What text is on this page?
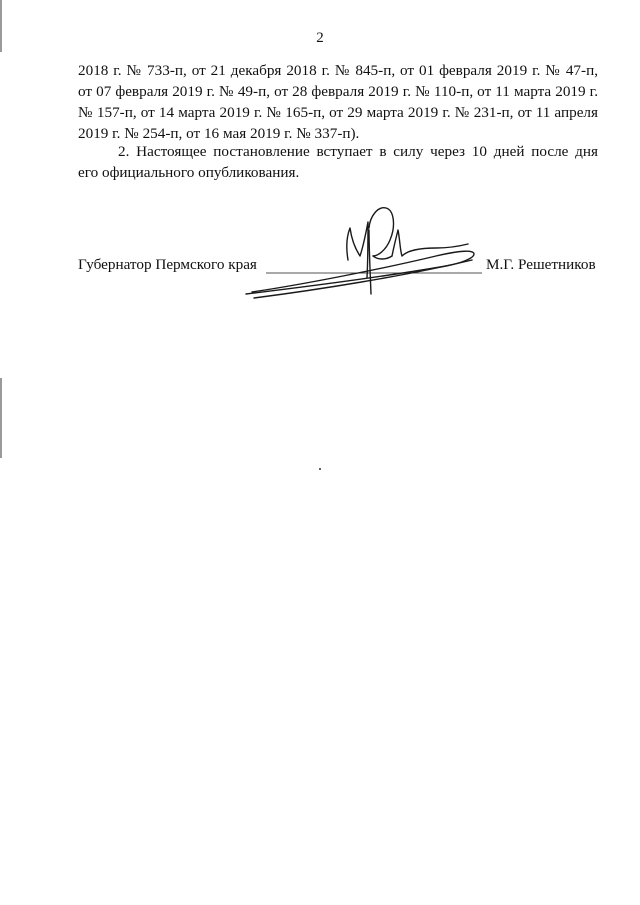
2
2018 г. № 733-п, от 21 декабря 2018 г. № 845-п, от 01 февраля 2019 г. № 47-п,
от 07 февраля 2019 г. № 49-п, от 28 февраля 2019 г. № 110-п, от 11 марта 2019 г.
№ 157-п, от 14 марта 2019 г. № 165-п, от 29 марта 2019 г. № 231-п, от 11 апреля
2019 г. № 254-п, от 16 мая 2019 г. № 337-п).
2. Настоящее постановление вступает в силу через 10 дней после дня
его официального опубликования.
Губернатор Пермского края	М.Г. Решетников
